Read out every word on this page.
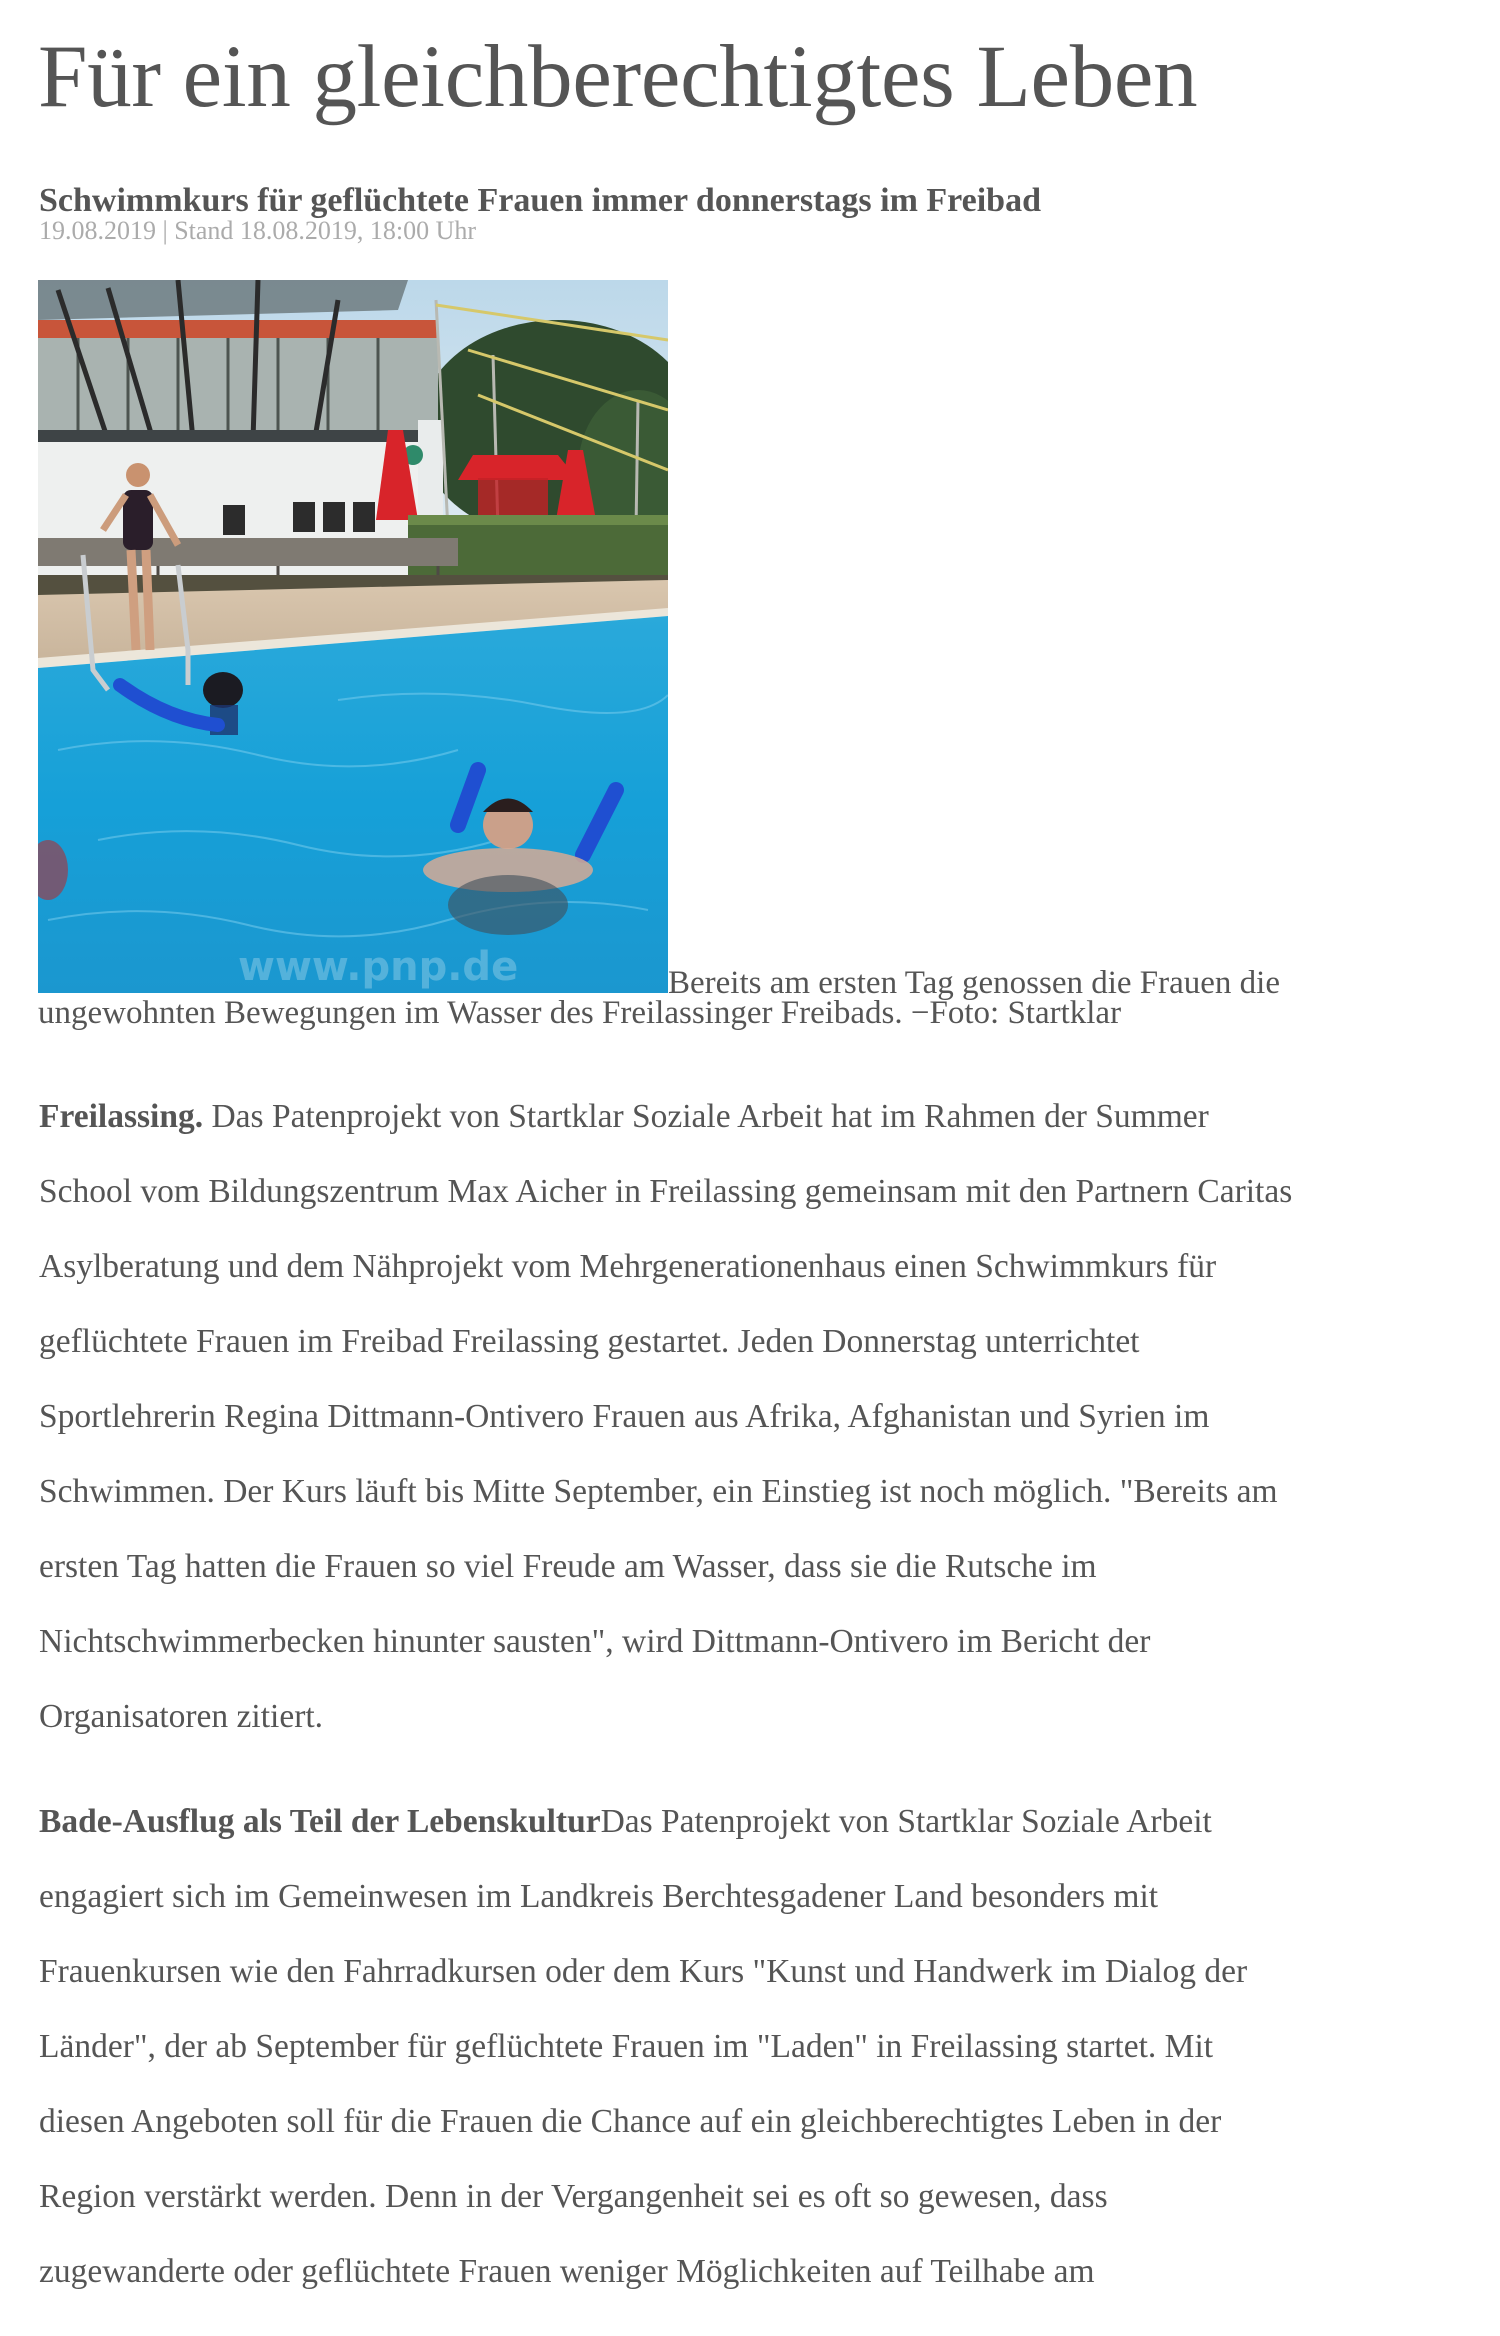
Für ein gleichberechtigtes Leben
Schwimmkurs für geflüchtete Frauen immer donnerstags im Freibad
19.08.2019 | Stand 18.08.2019, 18:00 Uhr
www.pnp.de	Bereits am ersten Tag genossen die Frauen die
ungewohnten Bewegungen im Wasser des Freilassinger Freibads. −Foto: Startklar
Freilassing. Das Patenprojekt von Startklar Soziale Arbeit hat im Rahmen der Summer
School vom Bildungszentrum Max Aicher in Freilassing gemeinsam mit den Partnern Caritas
Asylberatung und dem Nähprojekt vom Mehrgenerationenhaus einen Schwimmkurs für
geflüchtete Frauen im Freibad Freilassing gestartet. Jeden Donnerstag unterrichtet
Sportlehrerin Regina Dittmann-Ontivero Frauen aus Afrika, Afghanistan und Syrien im
Schwimmen. Der Kurs läuft bis Mitte September, ein Einstieg ist noch möglich. "Bereits am
ersten Tag hatten die Frauen so viel Freude am Wasser, dass sie die Rutsche im
Nichtschwimmerbecken hinunter sausten", wird Dittmann-Ontivero im Bericht der
Organisatoren zitiert.
Bade-Ausflug als Teil der LebenskulturDas Patenprojekt von Startklar Soziale Arbeit
engagiert sich im Gemeinwesen im Landkreis Berchtesgadener Land besonders mit
Frauenkursen wie den Fahrradkursen oder dem Kurs "Kunst und Handwerk im Dialog der
Länder", der ab September für geflüchtete Frauen im "Laden" in Freilassing startet. Mit
diesen Angeboten soll für die Frauen die Chance auf ein gleichberechtigtes Leben in der
Region verstärkt werden. Denn in der Vergangenheit sei es oft so gewesen, dass
zugewanderte oder geflüchtete Frauen weniger Möglichkeiten auf Teilhabe am
